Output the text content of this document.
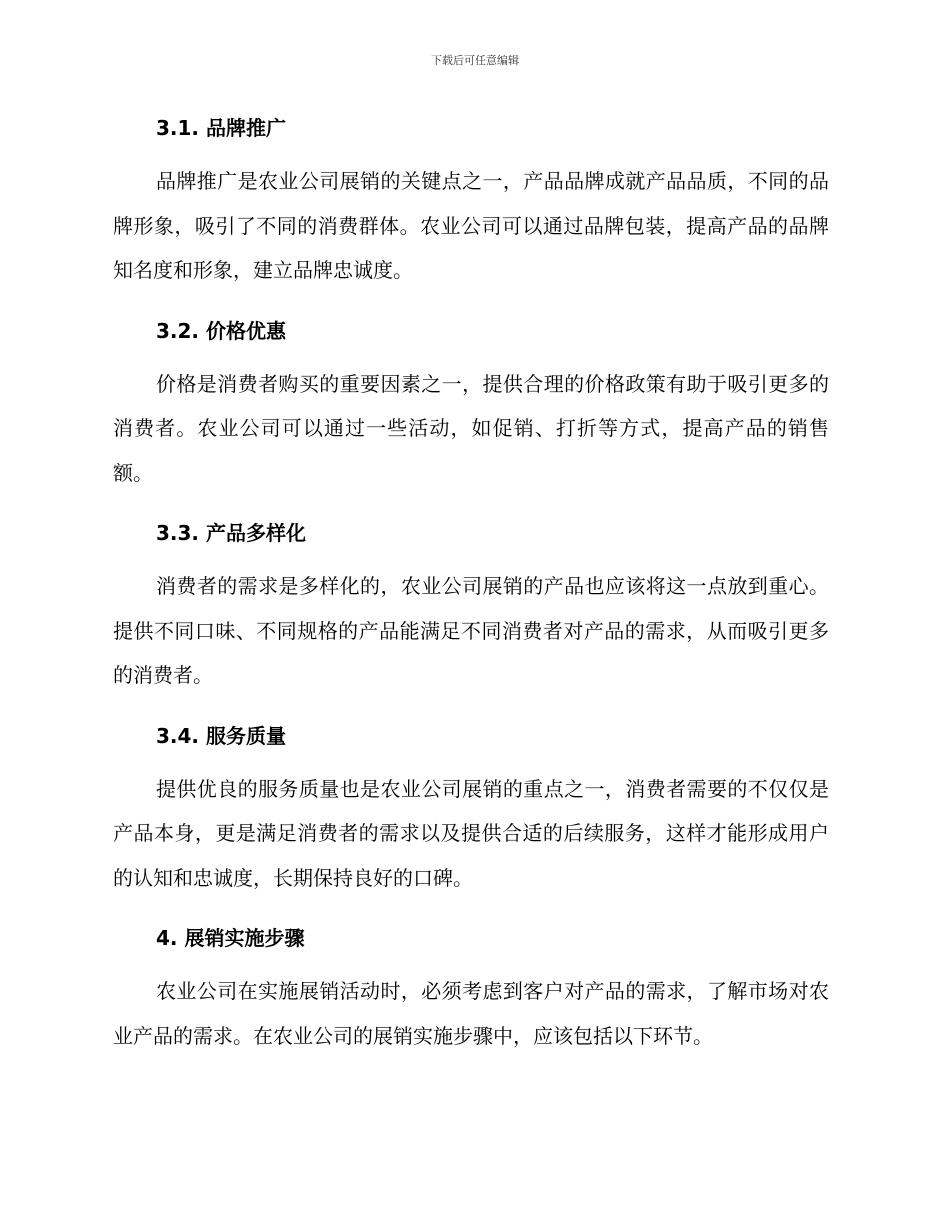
下载后可任意编辑
3.1. 品牌推广

品牌推广是农业公司展销的关键点之一，产品品牌成就产品品质，不同的品牌形象，吸引了不同的消费群体。农业公司可以通过品牌包装，提高产品的品牌知名度和形象，建立品牌忠诚度。

3.2. 价格优惠

价格是消费者购买的重要因素之一，提供合理的价格政策有助于吸引更多的消费者。农业公司可以通过一些活动，如促销、打折等方式，提高产品的销售额。

3.3. 产品多样化

消费者的需求是多样化的，农业公司展销的产品也应该将这一点放到重心。提供不同口味、不同规格的产品能满足不同消费者对产品的需求，从而吸引更多的消费者。

3.4. 服务质量

提供优良的服务质量也是农业公司展销的重点之一，消费者需要的不仅仅是产品本身，更是满足消费者的需求以及提供合适的后续服务，这样才能形成用户的认知和忠诚度，长期保持良好的口碑。

4. 展销实施步骤

农业公司在实施展销活动时，必须考虑到客户对产品的需求，了解市场对农业产品的需求。在农业公司的展销实施步骤中，应该包括以下环节。
